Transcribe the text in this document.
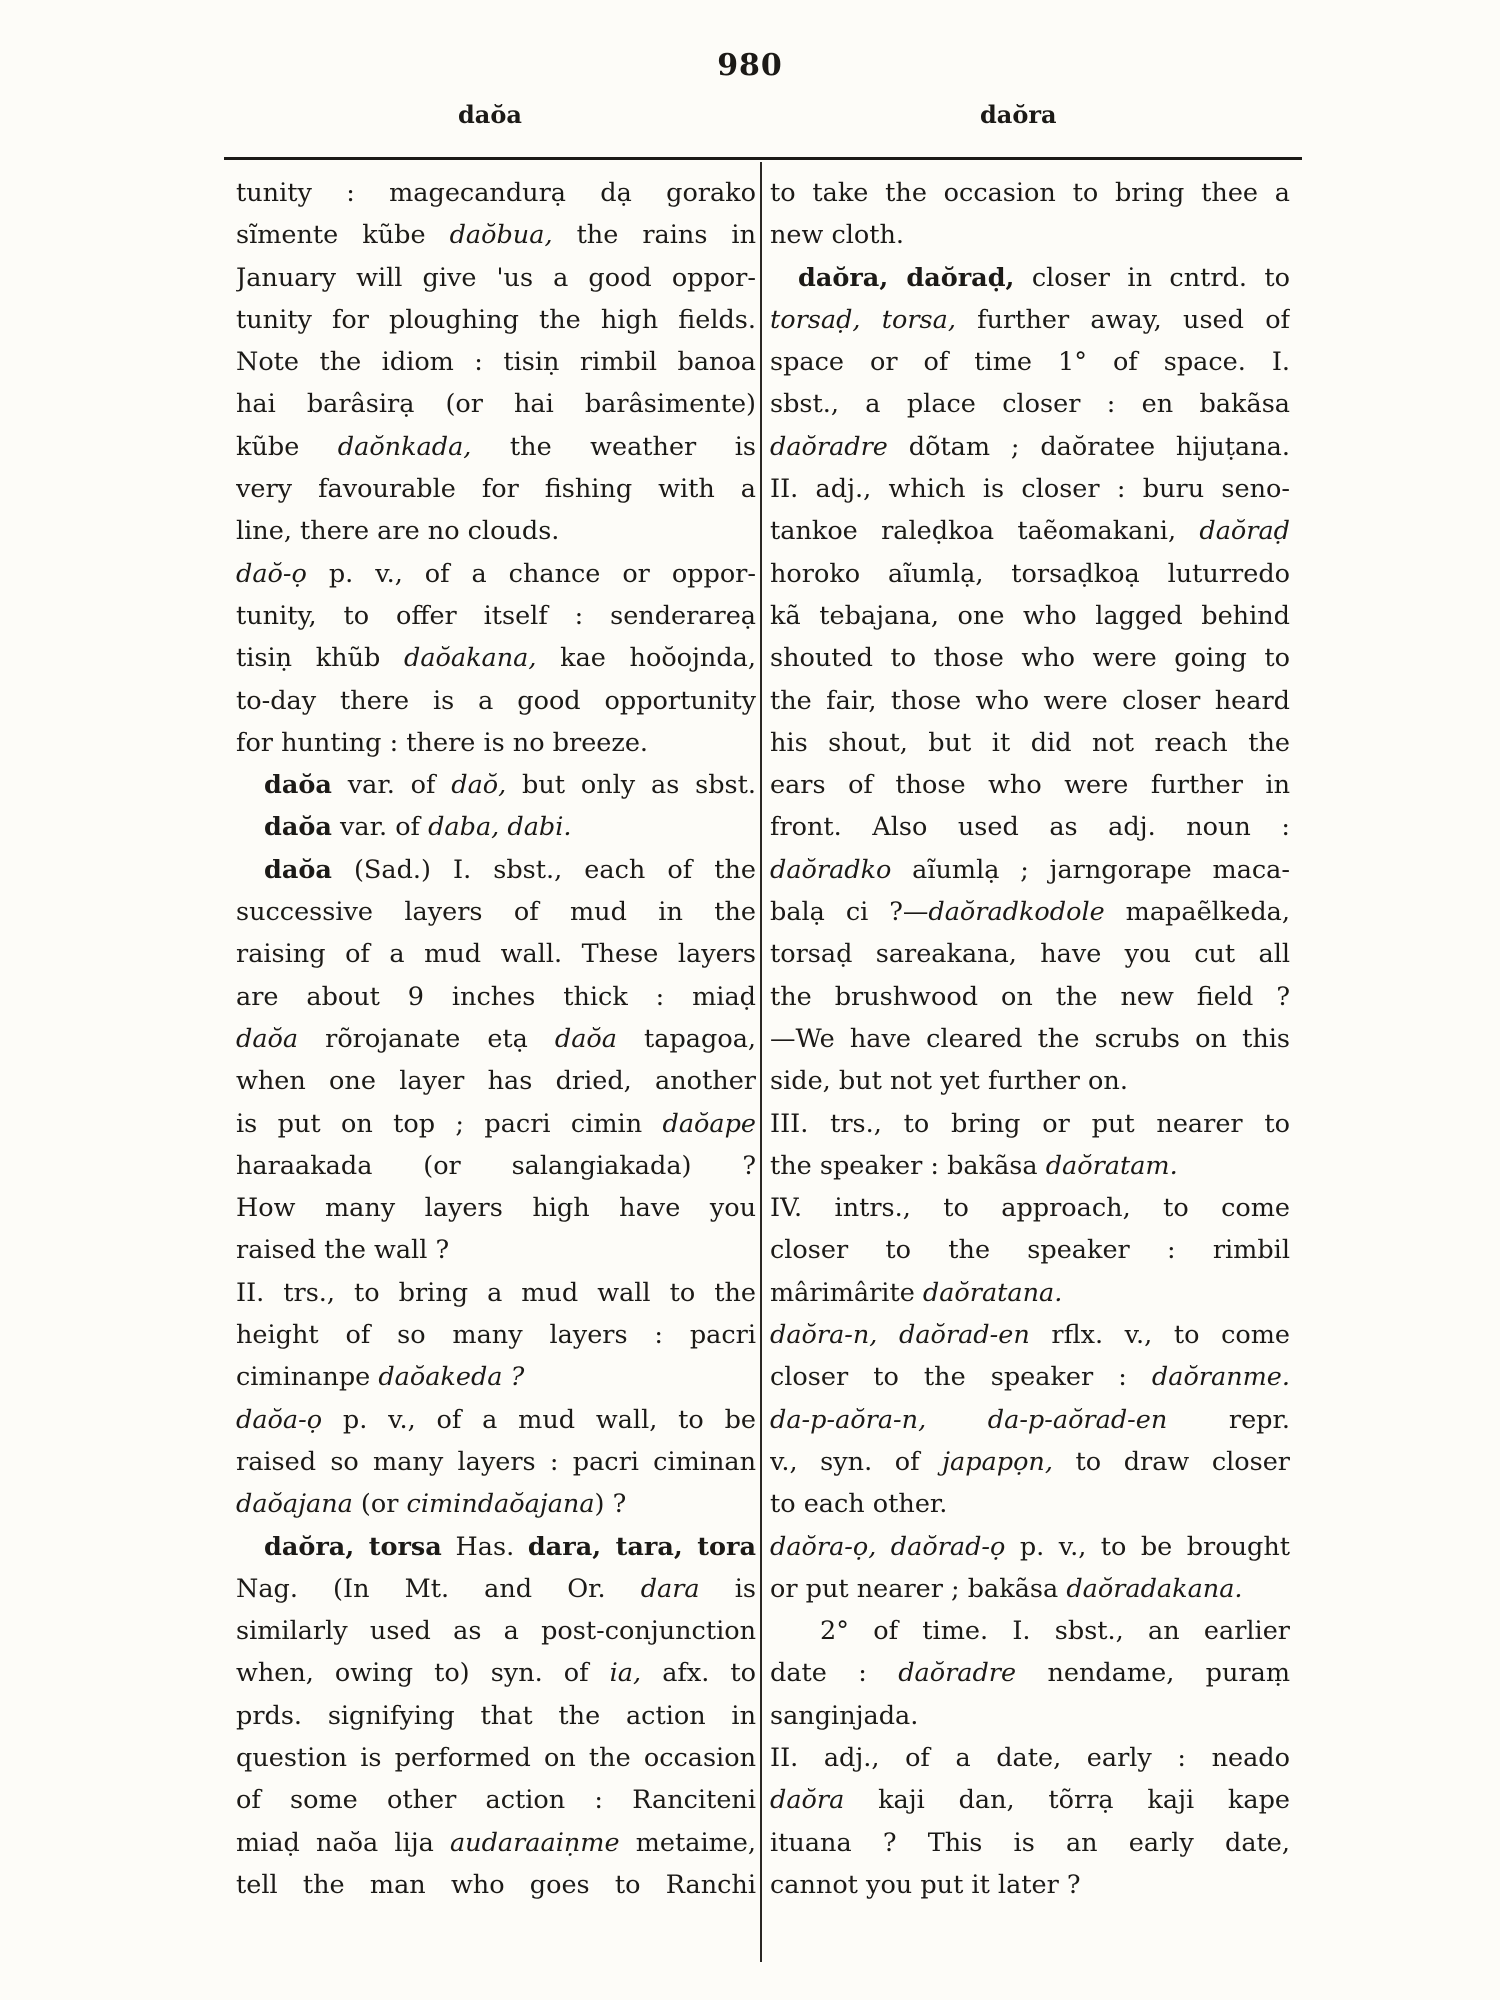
980
daŏa	daŏra
tunity : magecandurạ dạ gorako
sĩmente kũbe daŏbua, the rains in
January will give 'us a good oppor-
tunity for ploughing the high fields.
Note the idiom : tisiṇ rimbil banoa
hai barâsirạ (or hai barâsimente)
kũbe daŏnkada, the weather is
very favourable for fishing with a
line, there are no clouds.
daŏ-ọ p. v., of a chance or oppor-
tunity, to offer itself : senderareạ
tisiṇ khũb daŏakana, kae hoŏojnda,
to-day there is a good opportunity
for hunting : there is no breeze.
daŏa var. of daŏ, but only as sbst.
daŏa var. of daba, dabi.
daŏa (Sad.) I. sbst., each of the
successive layers of mud in the
raising of a mud wall. These layers
are about 9 inches thick : miaḍ
daŏa rõrojanate etạ daŏa tapagoa,
when one layer has dried, another
is put on top ; pacri cimin daŏape
haraakada (or salangiakada) ?
How many layers high have you
raised the wall ?
II. trs., to bring a mud wall to the
height of so many layers : pacri
ciminanpe daŏakeda ?
daŏa-ọ p. v., of a mud wall, to be
raised so many layers : pacri ciminan
daŏajana (or cimindaŏajana) ?
daŏra, torsa Has. dara, tara, tora
Nag. (In Mt. and Or. dara is
similarly used as a post-conjunction
when, owing to) syn. of ia, afx. to
prds. signifying that the action in
question is performed on the occasion
of some other action : Ranciteni
miaḍ naŏa lija audaraaiṇme metaime,
tell the man who goes to Ranchi
to take the occasion to bring thee a
new cloth.
daŏra, daŏraḍ, closer in cntrd. to
torsaḍ, torsa, further away, used of
space or of time 1° of space. I.
sbst., a place closer : en bakãsa
daŏradre dõtam ; daŏratee hijuṭana.
II. adj., which is closer : buru seno-
tankoe raleḍkoa taẽomakani, daŏraḍ
horoko aĩumlạ, torsaḍkoạ luturredo
kã tebajana, one who lagged behind
shouted to those who were going to
the fair, those who were closer heard
his shout, but it did not reach the
ears of those who were further in
front. Also used as adj. noun :
daŏradko aĩumlạ ; jarngorape maca-
balạ ci ?—daŏradkodole mapaẽlkeda,
torsaḍ sareakana, have you cut all
the brushwood on the new field ?
—We have cleared the scrubs on this
side, but not yet further on.
III. trs., to bring or put nearer to
the speaker : bakãsa daŏratam.
IV. intrs., to approach, to come
closer to the speaker : rimbil
mârimârite daŏratana.
daŏra-n, daŏrad-en rflx. v., to come
closer to the speaker : daŏranme.
da-p-aŏra-n, da-p-aŏrad-en repr.
v., syn. of japapọn, to draw closer
to each other.
daŏra-ọ, daŏrad-ọ p. v., to be brought
or put nearer ; bakãsa daŏradakana.
2° of time. I. sbst., an earlier
date : daŏradre nendame, puraṃ
sanginjada.
II. adj., of a date, early : neado
daŏra kaji dan, tõrrạ kaji kape
ituana ? This is an early date,
cannot you put it later ?
